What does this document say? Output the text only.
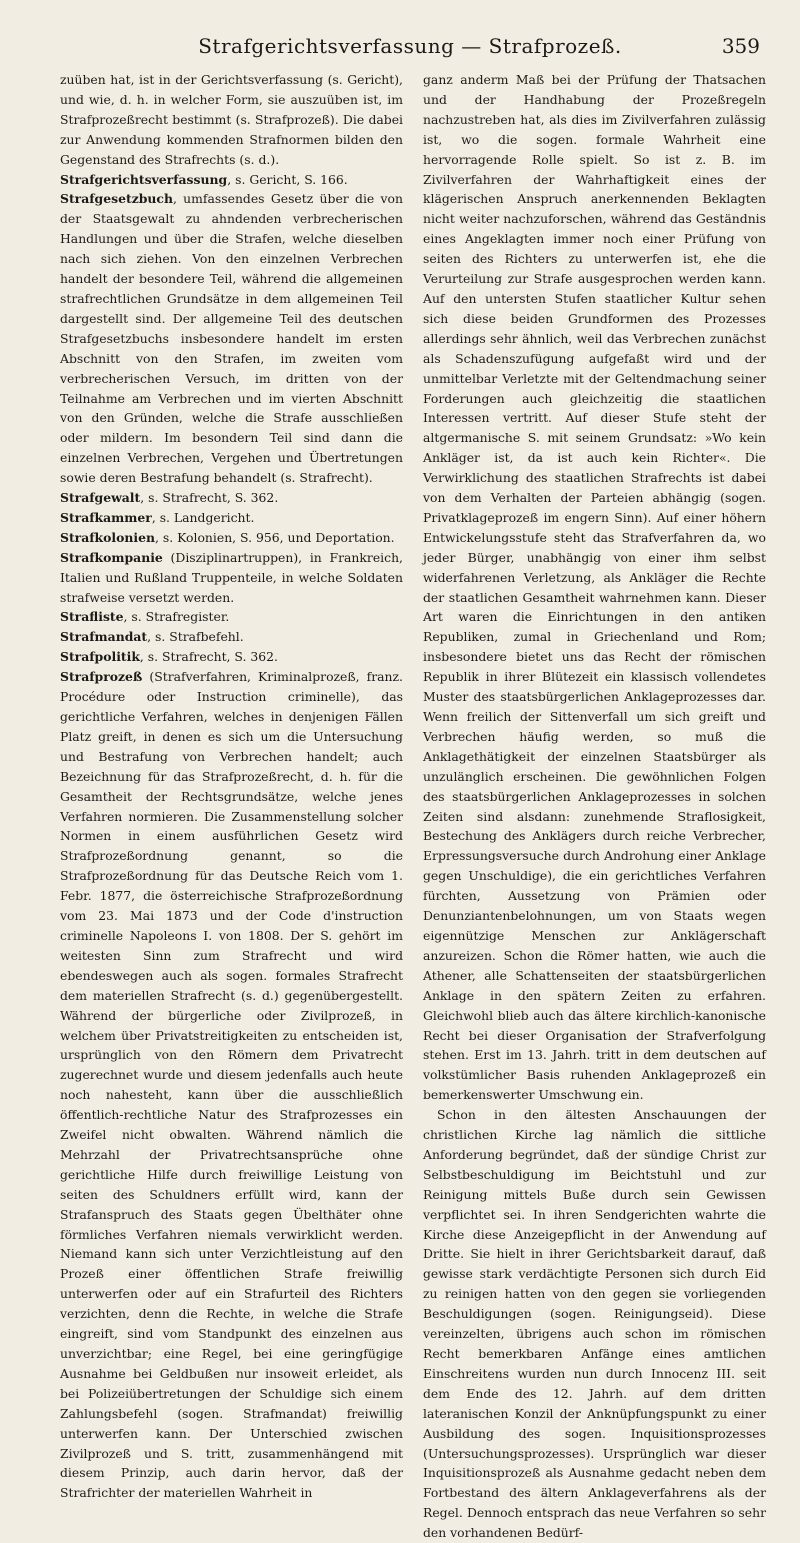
Strafgerichtsverfassung — Strafprozeß.	359

zuüben hat, ist in der Gerichtsverfassung (s. Gericht), und wie, d. h. in welcher Form, sie auszuüben ist, im Strafprozeßrecht bestimmt (s. Strafprozeß). Die dabei zur Anwendung kommenden Strafnormen bilden den Gegenstand des Strafrechts (s. d.).

Strafgerichtsverfassung, s. Gericht, S. 166.

Strafgesetzbuch, umfassendes Gesetz über die von der Staatsgewalt zu ahndenden verbrecherischen Handlungen und über die Strafen, welche dieselben nach sich ziehen. Von den einzelnen Verbrechen handelt der besondere Teil, während die allgemeinen strafrechtlichen Grundsätze in dem allgemeinen Teil dargestellt sind. Der allgemeine Teil des deutschen Strafgesetzbuchs insbesondere handelt im ersten Abschnitt von den Strafen, im zweiten vom verbrecherischen Versuch, im dritten von der Teilnahme am Verbrechen und im vierten Abschnitt von den Gründen, welche die Strafe ausschließen oder mildern. Im besondern Teil sind dann die einzelnen Verbrechen, Vergehen und Übertretungen sowie deren Bestrafung behandelt (s. Strafrecht).

Strafgewalt, s. Strafrecht, S. 362.

Strafkammer, s. Landgericht.

Strafkolonien, s. Kolonien, S. 956, und Deportation.

Strafkompanie (Disziplinartruppen), in Frankreich, Italien und Rußland Truppenteile, in welche Soldaten strafweise versetzt werden.

Strafliste, s. Strafregister.

Strafmandat, s. Strafbefehl.

Strafpolitik, s. Strafrecht, S. 362.

Strafprozeß (Strafverfahren, Kriminalprozeß, franz. Procédure oder Instruction criminelle), das gerichtliche Verfahren, welches in denjenigen Fällen Platz greift, in denen es sich um die Untersuchung und Bestrafung von Verbrechen handelt; auch Bezeichnung für das Strafprozeßrecht, d. h. für die Gesamtheit der Rechtsgrundsätze, welche jenes Verfahren normieren. Die Zusammenstellung solcher Normen in einem ausführlichen Gesetz wird Strafprozeßordnung genannt, so die Strafprozeßordnung für das Deutsche Reich vom 1. Febr. 1877, die österreichische Strafprozeßordnung vom 23. Mai 1873 und der Code d'instruction criminelle Napoleons I. von 1808. Der S. gehört im weitesten Sinn zum Strafrecht und wird ebendeswegen auch als sogen. formales Strafrecht dem materiellen Strafrecht (s. d.) gegenübergestellt. Während der bürgerliche oder Zivilprozeß, in welchem über Privatstreitigkeiten zu entscheiden ist, ursprünglich von den Römern dem Privatrecht zugerechnet wurde und diesem jedenfalls auch heute noch nahesteht, kann über die ausschließlich öffentlich-rechtliche Natur des Strafprozesses ein Zweifel nicht obwalten. Während nämlich die Mehrzahl der Privatrechtsansprüche ohne gerichtliche Hilfe durch freiwillige Leistung von seiten des Schuldners erfüllt wird, kann der Strafanspruch des Staats gegen Übelthäter ohne förmliches Verfahren niemals verwirklicht werden. Niemand kann sich unter Verzichtleistung auf den Prozeß einer öffentlichen Strafe freiwillig unterwerfen oder auf ein Strafurteil des Richters verzichten, denn die Rechte, in welche die Strafe eingreift, sind vom Standpunkt des einzelnen aus unverzichtbar; eine Regel, bei eine geringfügige Ausnahme bei Geldbußen nur insoweit erleidet, als bei Polizeiübertretungen der Schuldige sich einem Zahlungsbefehl (sogen. Strafmandat) freiwillig unterwerfen kann. Der Unterschied zwischen Zivilprozeß und S. tritt, zusammenhängend mit diesem Prinzip, auch darin hervor, daß der Strafrichter der materiellen Wahrheit in

ganz anderm Maß bei der Prüfung der Thatsachen und der Handhabung der Prozeßregeln nachzustreben hat, als dies im Zivilverfahren zulässig ist, wo die sogen. formale Wahrheit eine hervorragende Rolle spielt. So ist z. B. im Zivilverfahren der Wahrhaftigkeit eines der klägerischen Anspruch anerkennenden Beklagten nicht weiter nachzuforschen, während das Geständnis eines Angeklagten immer noch einer Prüfung von seiten des Richters zu unterwerfen ist, ehe die Verurteilung zur Strafe ausgesprochen werden kann. Auf den untersten Stufen staatlicher Kultur sehen sich diese beiden Grundformen des Prozesses allerdings sehr ähnlich, weil das Verbrechen zunächst als Schadenszufügung aufgefaßt wird und der unmittelbar Verletzte mit der Geltendmachung seiner Forderungen auch gleichzeitig die staatlichen Interessen vertritt. Auf dieser Stufe steht der altgermanische S. mit seinem Grundsatz: »Wo kein Ankläger ist, da ist auch kein Richter«. Die Verwirklichung des staatlichen Strafrechts ist dabei von dem Verhalten der Parteien abhängig (sogen. Privatklageprozeß im engern Sinn). Auf einer höhern Entwickelungsstufe steht das Strafverfahren da, wo jeder Bürger, unabhängig von einer ihm selbst widerfahrenen Verletzung, als Ankläger die Rechte der staatlichen Gesamtheit wahrnehmen kann. Dieser Art waren die Einrichtungen in den antiken Republiken, zumal in Griechenland und Rom; insbesondere bietet uns das Recht der römischen Republik in ihrer Blütezeit ein klassisch vollendetes Muster des staatsbürgerlichen Anklageprozesses dar. Wenn freilich der Sittenverfall um sich greift und Verbrechen häufig werden, so muß die Anklagethätigkeit der einzelnen Staatsbürger als unzulänglich erscheinen. Die gewöhnlichen Folgen des staatsbürgerlichen Anklageprozesses in solchen Zeiten sind alsdann: zunehmende Straflosigkeit, Bestechung des Anklägers durch reiche Verbrecher, Erpressungsversuche durch Androhung einer Anklage gegen Unschuldige), die ein gerichtliches Verfahren fürchten, Aussetzung von Prämien oder Denunziantenbelohnungen, um von Staats wegen eigennützige Menschen zur Anklägerschaft anzureizen. Schon die Römer hatten, wie auch die Athener, alle Schattenseiten der staatsbürgerlichen Anklage in den spätern Zeiten zu erfahren. Gleichwohl blieb auch das ältere kirchlich-kanonische Recht bei dieser Organisation der Strafverfolgung stehen. Erst im 13. Jahrh. tritt in dem deutschen auf volkstümlicher Basis ruhenden Anklageprozeß ein bemerkenswerter Umschwung ein.

Schon in den ältesten Anschauungen der christlichen Kirche lag nämlich die sittliche Anforderung begründet, daß der sündige Christ zur Selbstbeschuldigung im Beichtstuhl und zur Reinigung mittels Buße durch sein Gewissen verpflichtet sei. In ihren Sendgerichten wahrte die Kirche diese Anzeigepflicht in der Anwendung auf Dritte. Sie hielt in ihrer Gerichtsbarkeit darauf, daß gewisse stark verdächtigte Personen sich durch Eid zu reinigen hatten von den gegen sie vorliegenden Beschuldigungen (sogen. Reinigungseid). Diese vereinzelten, übrigens auch schon im römischen Recht bemerkbaren Anfänge eines amtlichen Einschreitens wurden nun durch Innocenz III. seit dem Ende des 12. Jahrh. auf dem dritten lateranischen Konzil der Anknüpfungspunkt zu einer Ausbildung des sogen. Inquisitionsprozesses (Untersuchungsprozesses). Ursprünglich war dieser Inquisitionsprozeß als Ausnahme gedacht neben dem Fortbestand des ältern Anklageverfahrens als der Regel. Dennoch entsprach das neue Verfahren so sehr den vorhandenen Bedürf-
